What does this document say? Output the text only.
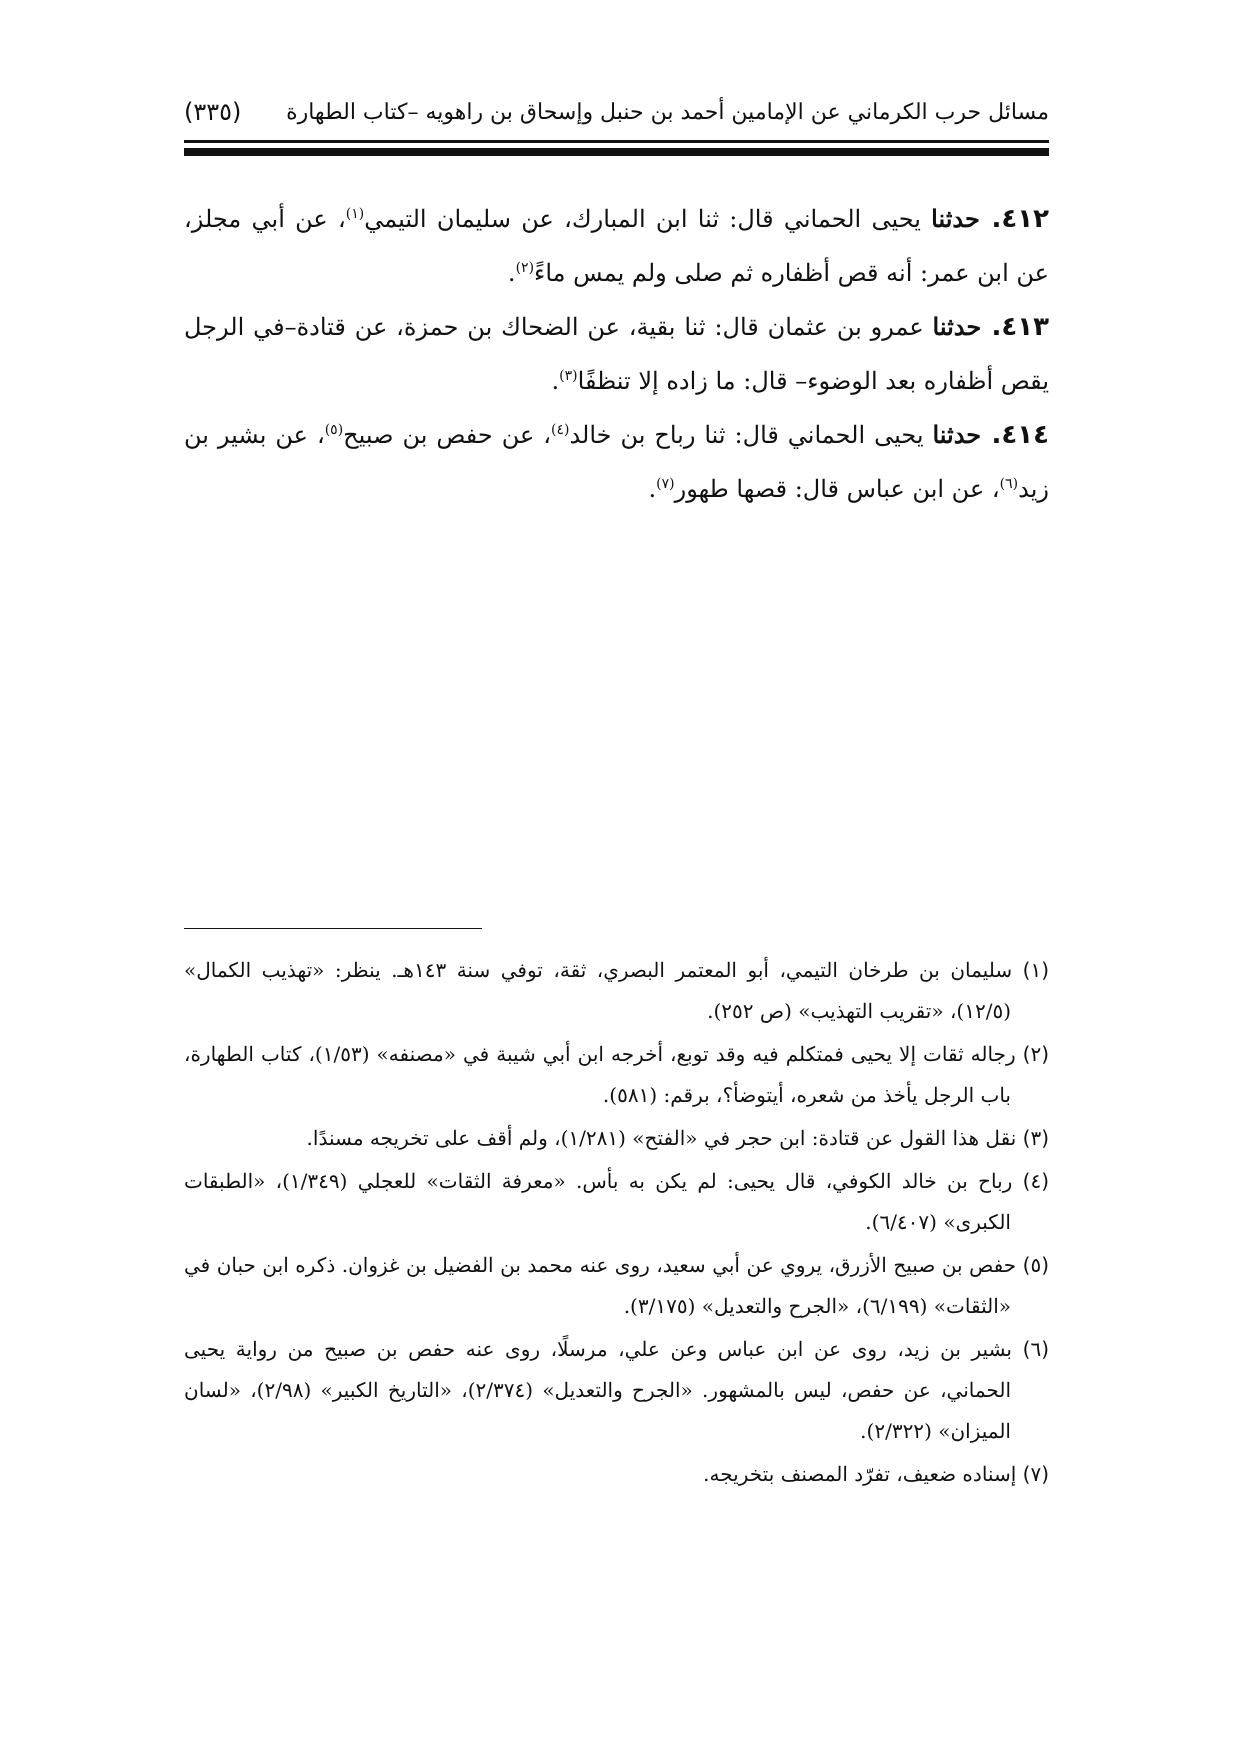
مسائل حرب الكرماني عن الإمامين أحمد بن حنبل وإسحاق بن راهويه –كتاب الطهارة
(٣٣٥)

٤١٢. حدثنا يحيى الحماني قال: ثنا ابن المبارك، عن سليمان التيمي$^{(١)}$، عن أبي مجلز، عن ابن عمر: أنه قص أظفاره ثم صلى ولم يمس ماءً$^{(٢)}$.

٤١٣. حدثنا عمرو بن عثمان قال: ثنا بقية، عن الضحاك بن حمزة، عن قتادة–في الرجل يقص أظفاره بعد الوضوء– قال: ما زاده إلا تنظفًا$^{(٣)}$.

٤١٤. حدثنا يحيى الحماني قال: ثنا رباح بن خالد$^{(٤)}$، عن حفص بن صبيح$^{(٥)}$، عن بشير بن زيد$^{(٦)}$، عن ابن عباس قال: قصها طهور$^{(٧)}$.

(١) سليمان بن طرخان التيمي، أبو المعتمر البصري، ثقة، توفي سنة ١٤٣هـ. ينظر: «تهذيب الكمال» (١٢/٥)، «تقريب التهذيب» (ص ٢٥٢).

(٢) رجاله ثقات إلا يحيى فمتكلم فيه وقد توبع، أخرجه ابن أبي شيبة في «مصنفه» (١/٥٣)، كتاب الطهارة، باب الرجل يأخذ من شعره، أيتوضأ؟، برقم: (٥٨١).

(٣) نقل هذا القول عن قتادة: ابن حجر في «الفتح» (١/٢٨١)، ولم أقف على تخريجه مسندًا.

(٤) رباح بن خالد الكوفي، قال يحيى: لم يكن به بأس. «معرفة الثقات» للعجلي (١/٣٤٩)، «الطبقات الكبرى» (٦/٤٠٧).

(٥) حفص بن صبيح الأزرق، يروي عن أبي سعيد، روى عنه محمد بن الفضيل بن غزوان. ذكره ابن حبان في «الثقات» (٦/١٩٩)، «الجرح والتعديل» (٣/١٧٥).

(٦) بشير بن زيد، روى عن ابن عباس وعن علي، مرسلًا، روى عنه حفص بن صبيح من رواية يحيى الحماني، عن حفص، ليس بالمشهور. «الجرح والتعديل» (٢/٣٧٤)، «التاريخ الكبير» (٢/٩٨)، «لسان الميزان» (٢/٣٢٢).

(٧) إسناده ضعيف، تفرّد المصنف بتخريجه.
